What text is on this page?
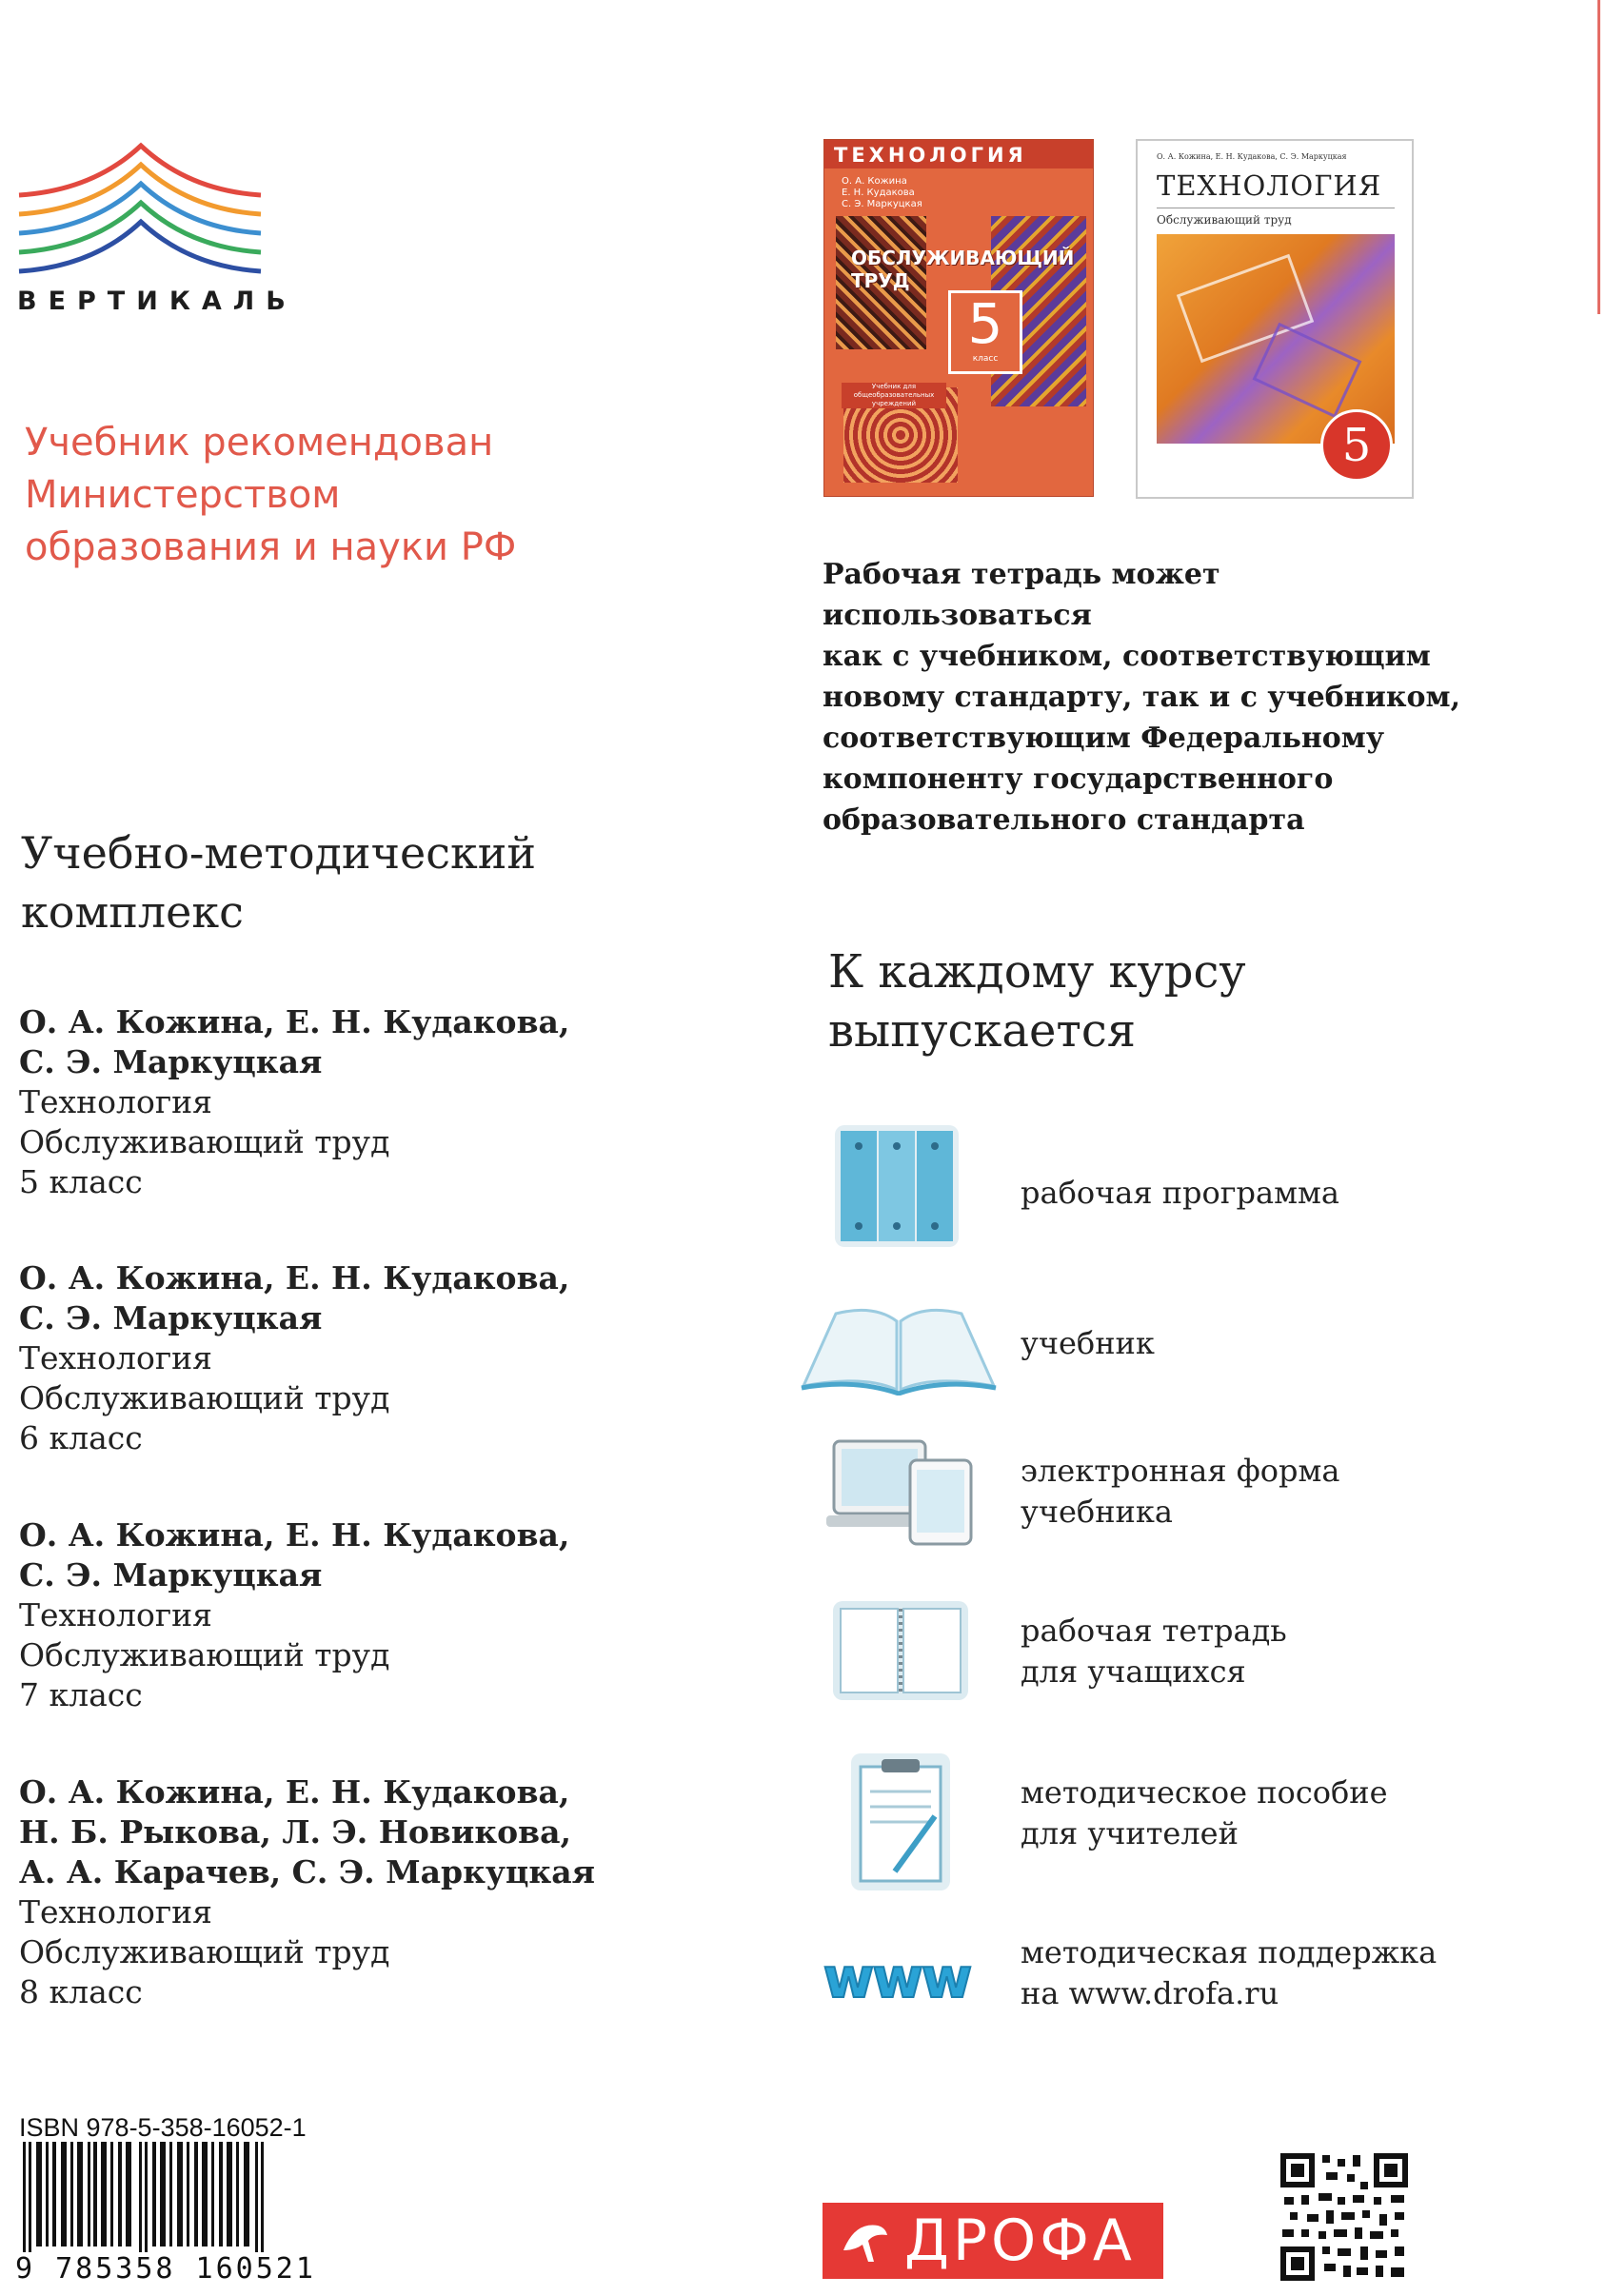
ВЕРТИКАЛЬ
Учебник рекомендован
Министерством
образования и науки РФ
Учебно-методический
комплекс
О. А. Кожина, Е. Н. Кудакова,
С. Э. Маркуцкая
Технология
Обслуживающий труд
5 класс
О. А. Кожина, Е. Н. Кудакова,
С. Э. Маркуцкая
Технология
Обслуживающий труд
6 класс
О. А. Кожина, Е. Н. Кудакова,
С. Э. Маркуцкая
Технология
Обслуживающий труд
7 класс
О. А. Кожина, Е. Н. Кудакова,
Н. Б. Рыкова, Л. Э. Новикова,
А. А. Карачев, С. Э. Маркуцкая
Технология
Обслуживающий труд
8 класс
ТЕХНОЛОГИЯ
О. А. Кожина
Е. Н. Кудакова
С. Э. Маркуцкая
ОБСЛУЖИВАЮЩИЙ ТРУД
5
класс
Учебник для общеобразовательных учреждений
О. А. Кожина, Е. Н. Кудакова, С. Э. Маркуцкая
ТЕХНОЛОГИЯ
Обслуживающий труд
5
Рабочая тетрадь может использоваться
как с учебником, соответствующим
новому стандарту, так и с учебником,
соответствующим Федеральному
компоненту государственного
образовательного стандарта
К каждому курсу
выпускается
рабочая программа
учебник
электронная форма
учебника
рабочая тетрадь
для учащихся
методическое пособие
для учителей
www	методическая поддержка
на www.drofa.ru
ISBN 978-5-358-16052-1
9 785358 160521	ДРОФА
